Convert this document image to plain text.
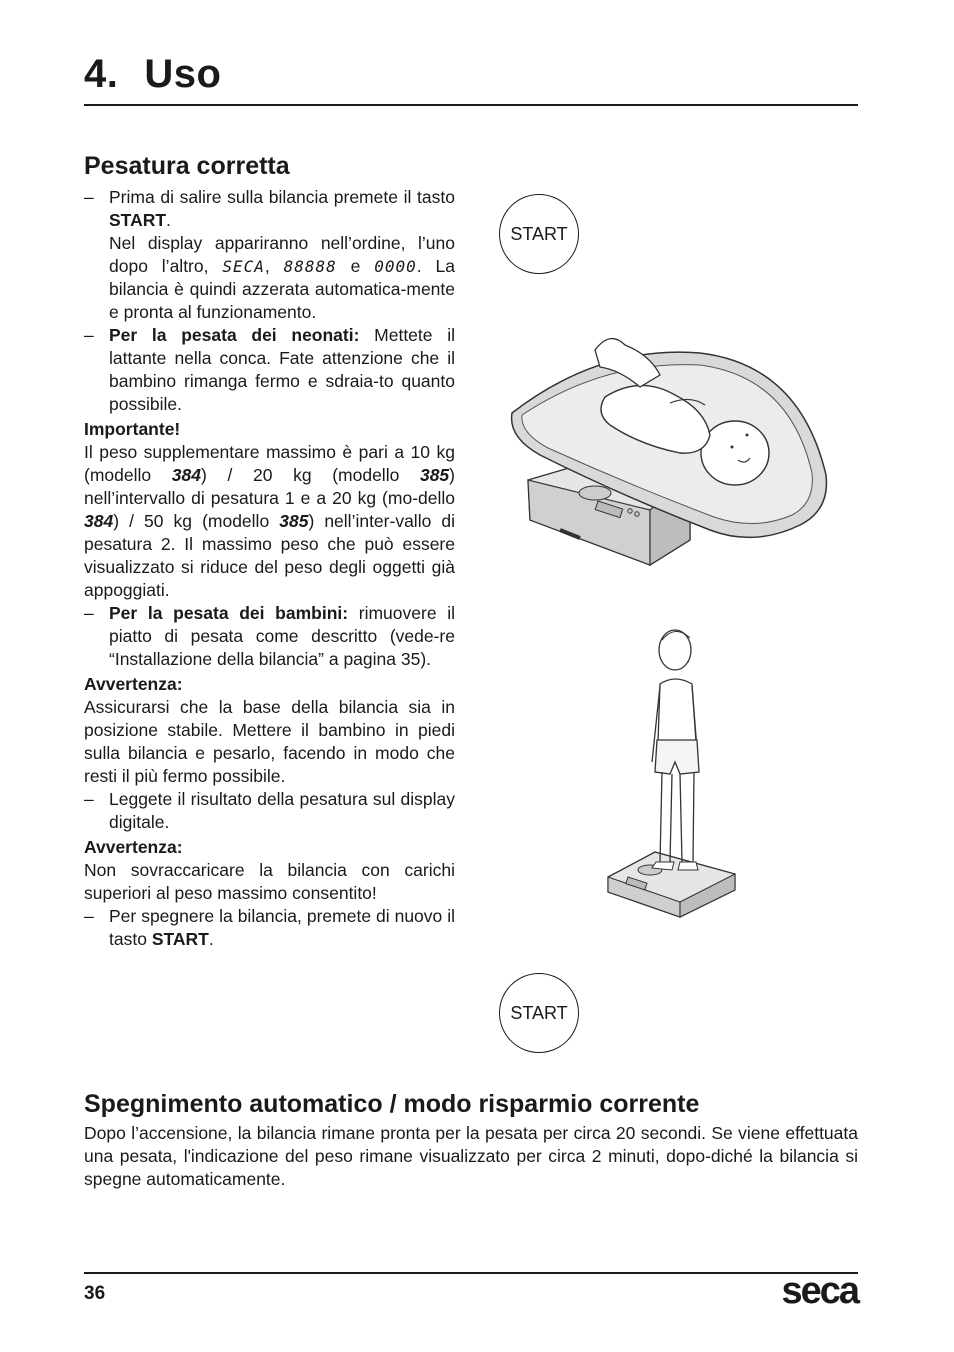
4. Uso
Pesatura corretta
– Prima di salire sulla bilancia premete il tasto START.
Nel display appariranno nell’ordine, l’uno dopo l’altro, SECA, 88888 e 0000. La bilancia è quindi azzerata automatica-mente e pronta al funzionamento.
– Per la pesata dei neonati: Mettete il lattante nella conca. Fate attenzione che il bambino rimanga fermo e sdraia-to quanto possibile.
Importante!

Il peso supplementare massimo è pari a 10 kg (modello 384) / 20 kg (modello 385) nell’intervallo di pesatura 1 e a 20 kg (mo-dello 384) / 50 kg (modello 385) nell’inter-vallo di pesatura 2. Il massimo peso che può essere visualizzato si riduce del peso degli oggetti già appoggiati.

– Per la pesata dei bambini: rimuovere il piatto di pesata come descritto (vede-re “Installazione della bilancia” a pagina 35).
Avvertenza:

Assicurarsi che la base della bilancia sia in posizione stabile. Mettere il bambino in piedi sulla bilancia e pesarlo, facendo in modo che resti il più fermo possibile.

– Leggete il risultato della pesatura sul display digitale.
Avvertenza:

Non sovraccaricare la bilancia con carichi superiori al peso massimo consentito!

– Per spegnere la bilancia, premete di nuovo il tasto START.
START
START
Spegnimento automatico / modo risparmio corrente

Dopo l’accensione, la bilancia rimane pronta per la pesata per circa 20 secondi. Se viene effettuata una pesata, l'indicazione del peso rimane visualizzato per circa 2 minuti, dopo-diché la bilancia si spegne automaticamente.

36	seca
